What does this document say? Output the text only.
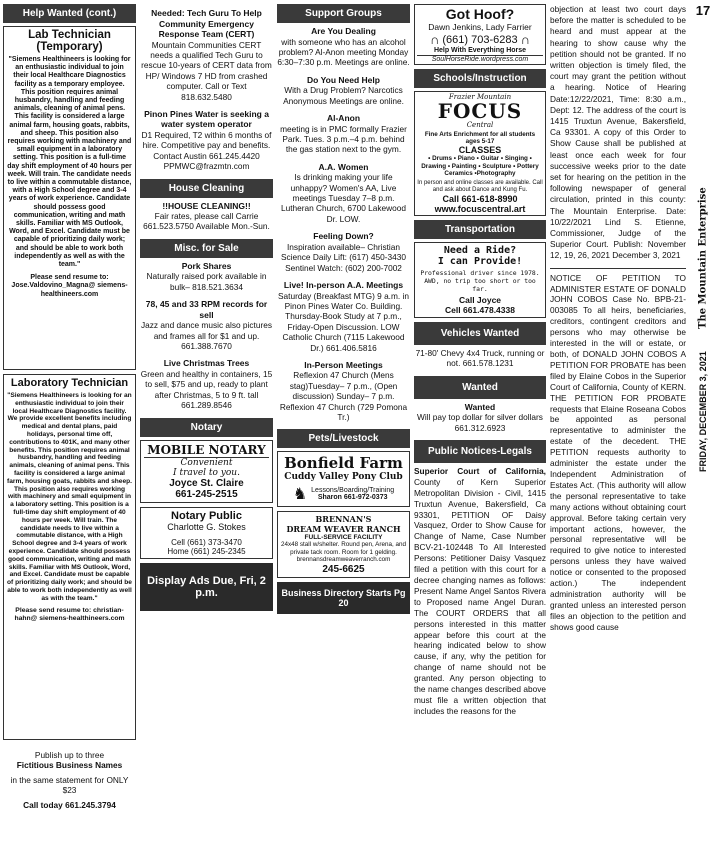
Help Wanted (cont.)
Lab Technician (Temporary)
"Siemens Healthineers is looking for an enthusiastic individual to join their local Healthcare Diagnostics facility as a temporary employee. This position requires animal husbandry, handling and feeding animals, cleaning of animal pens. This facility is considered a large animal farm, housing goats, rabbits, and sheep. This position also requires working with machinery and small equipment in a laboratory setting. This position is a full-time day shift employment of 40 hours per week. Will train. The candidate needs to live within a commutable distance, with a High School degree and 3-4 years of work experience. Candidate should possess good communication, writing and math skills. Familiar with MS Outlook, Word, and Excel. Candidate must be capable of prioritizing daily work; and should be able to work both independently as well as with the team."
Please send resume to: Jose.Valdovino_Magna@ siemens-healthineers.com
Laboratory Technician
"Siemens Healthineers is looking for an enthusiastic individual to join their local Healthcare Diagnostics facility. We provide excellent benefits including medical and dental plans, paid holidays, personal time off, contributions to 401K, and many other benefits. This position requires animal husbandry, handling and feeding animals, cleaning of animal pens. This facility is considered a large animal farm, housing goats, rabbits and sheep. This position also requires working with machinery and small equipment in a laboratory setting. This position is a full-time day shift employment of 40 hours per week. Will train. The candidate needs to live within a commutable distance, with a High School degree and 3-4 years of work experience. Candidate should possess good communication, writing and math skills. Familiar with MS Outlook, Word, and Excel. Candidate must be capable of prioritizing daily work; and should be able to work both independently as well as with the team."
Please send resume to: christian-hahn@ siemens-healthineers.com
Publish up to three
Fictitious Business Names
in the same statement for ONLY $23
Call today 661.245.3794
Needed: Tech Guru To Help Community Emergency Response Team (CERT)
Mountain Communities CERT needs a qualified Tech Guru to rescue 10-years of CERT data from HP/ Windows 7 HD from crashed computer. Call or Text 818.632.5480
Pinon Pines Water is seeking a water system operator
D1 Required, T2 within 6 months of hire. Competitive pay and benefits. Contact Austin 661.245.4420 PPMWC@frazmtn.com
House Cleaning
!!HOUSE CLEANING!!
Fair rates, please call Carrie 661.523.5750 Available Mon.-Sun.
Misc. for Sale
Pork Shares
Naturally raised pork available in bulk– 818.521.3634
78, 45 and 33 RPM records for sell
Jazz and dance music also pictures and frames all for $1 and up. 661.388.7670
Live Christmas Trees
Green and healthy in containers, 15 to sell, $75 and up, ready to plant after Christmas, 5 to 9 ft. tall 661.289.8546
Notary
MOBILE NOTARY
Convenient
I travel to you.
Joyce St. Claire
661-245-2515
Notary Public
Charlotte G. Stokes
Cell (661) 373-3470
Home (661) 245-2345
Display Ads Due, Fri, 2 p.m.
Support Groups
Are You Dealing
with someone who has an alcohol problem? Al-Anon meeting Monday 6:30–7:30 p.m. Meetings are online.
Do You Need Help
With a Drug Problem? Narcotics Anonymous Meetings are online.
Al-Anon
meeting is in PMC formally Frazier Park. Tues. 3 p.m.–4 p.m. behind the gas station next to the gym.
A.A. Women
Is drinking making your life unhappy? Women's AA, Live meetings Tuesday 7–8 p.m. Lutheran Church, 6700 Lakewood Dr. LOW.
Feeling Down?
Inspiration available– Christian Science Daily Lift: (617) 450-3430 Sentinel Watch: (602) 200-7002
Live! In-person A.A. Meetings
Saturday (Breakfast MTG) 9 a.m. in Pinon Pines Water Co. Building. Thursday-Book Study at 7 p.m., Friday-Open Discussion. LOW Catholic Church (7115 Lakewood Dr.) 661.406.5816
In-Person Meetings
Reflexion 47 Church (Mens stag)Tuesday– 7 p.m., (Open discussion) Sunday– 7 p.m. Reflexion 47 Church (729 Pomona Tr.)
Pets/Livestock
Bonfield Farm
Cuddy Valley Pony Club
♞ Lessons/Boarding/Training
Sharon 661-972-0373
BRENNAN'S
DREAM WEAVER RANCH
FULL-SERVICE FACILITY
24x48 stall w/shelter. Round pen, Arena, and private tack room. Room for 1 gelding. brennansdreamweaverranch.com
245-6625
Business Directory Starts Pg 20
Got Hoof?
Dawn Jenkins, Lady Farrier
∩ (661) 703-6283 ∩
Help With Everything Horse
SoulHorseRide.wordpress.com
Schools/Instruction
Frazier Mountain
FOCUS
Central
Fine Arts Enrichment for all students ages 5-17
CLASSES
• Drums • Piano • Guitar • Singing • Drawing • Painting • Sculpture • Pottery Ceramics •Photography
In person and online classes are available. Call and ask about Dance and Kung Fu.
Call 661-618-8990
www.focuscentral.art
Transportation
Need a Ride?
I can Provide!
Professional driver since 1978. AWD, no trip too short or too far.
Call Joyce
Cell 661.478.4338
Vehicles Wanted
71-80' Chevy 4x4 Truck, running or not. 661.578.1231
Wanted
Wanted
Will pay top dollar for silver dollars 661.312.6923
Public Notices-Legals
Superior Court of California, County of Kern Superior Metropolitan Division - Civil, 1415 Truxtun Avenue, Bakersfield, Ca 93301, PETITION OF Daisy Vasquez, Order to Show Cause for Change of Name, Case Number BCV-21-102448 To All Interested Persons: Petitioner Daisy Vasquez filed a petition with this court for a decree changing names as follows: Present Name Angel Santos Rivera to Proposed name Angel Duran. The COURT ORDERS that all persons interested in this matter appear before this court at the hearing indicated below to show cause, if any, why the petition for change of name should not be granted. Any person objecting to the name changes described above must file a written objection that includes the reasons for the
objection at least two court days before the matter is scheduled to be heard and must appear at the hearing to show cause why the petition should not be granted. If no written objection is timely filed, the court may grant the petition without a hearing. Notice of Hearing Date:12/22/2021, Time: 8:30 a.m., Dept: 12. The address of the court is 1415 Truxtun Avenue, Bakersfield, Ca 93301. A copy of this Order to Show Cause shall be published at least once each week for four successive weeks prior to the date set for hearing on the petition in the following newspaper of general circulation, printed in this county: The Mountain Enterprise. Date: 10/22/2021 Lind S. Etienne, Commissioner, Judge of the Superior Court. Publish: November 12, 19, 26, 2021 December 3, 2021
NOTICE OF PETITION TO ADMINISTER ESTATE OF DONALD JOHN COBOS Case No. BPB-21-003085 To all heirs, beneficiaries, creditors, contingent creditors and persons who may otherwise be interested in the will or estate, or both, of DONALD JOHN COBOS A PETITION FOR PROBATE has been filed by Elaine Cobos in the Superior Court of California, County of KERN. THE PETITION FOR PROBATE requests that Elaine Roseana Cobos be appointed as personal representative to administer the estate of the decedent. THE PETITION requests authority to administer the estate under the Independent Administration of Estates Act. (This authority will allow the personal representative to take many actions without obtaining court approval. Before taking certain very important actions, however, the personal representative will be required to give notice to interested persons unless they have waived notice or consented to the proposed action.) The independent administration authority will be granted unless an interested person files an objection to the petition and shows good cause
17
FRIDAY, DECEMBER 3, 2021
The Mountain Enterprise
